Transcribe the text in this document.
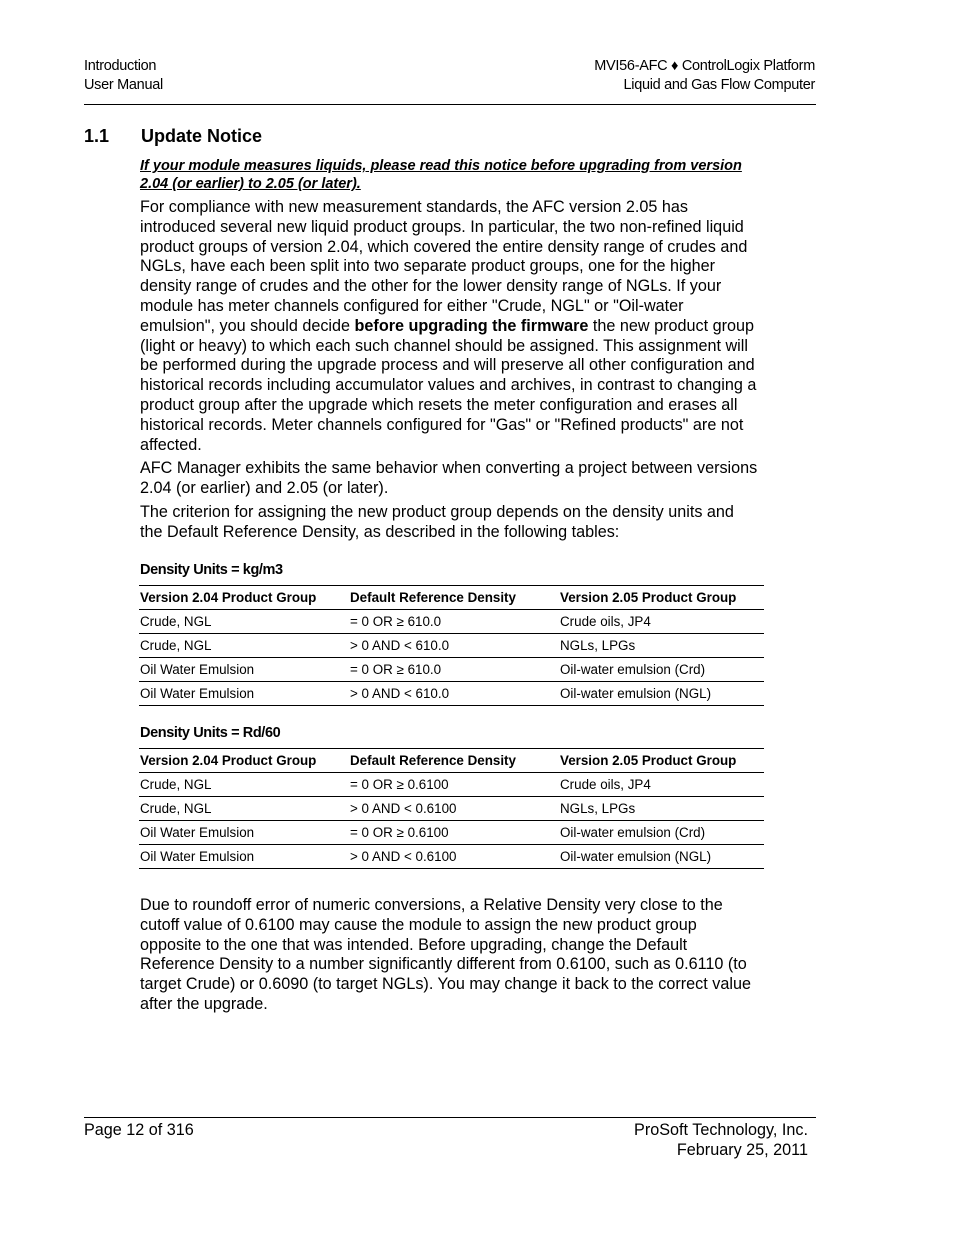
Introduction
User Manual
MVI56-AFC ♦ ControlLogix Platform
Liquid and Gas Flow Computer
1.1 Update Notice
If your module measures liquids, please read this notice before upgrading from version 2.04 (or earlier) to 2.05 (or later).
For compliance with new measurement standards, the AFC version 2.05 has introduced several new liquid product groups. In particular, the two non-refined liquid product groups of version 2.04, which covered the entire density range of crudes and NGLs, have each been split into two separate product groups, one for the higher density range of crudes and the other for the lower density range of NGLs. If your module has meter channels configured for either "Crude, NGL" or "Oil-water emulsion", you should decide before upgrading the firmware the new product group (light or heavy) to which each such channel should be assigned. This assignment will be performed during the upgrade process and will preserve all other configuration and historical records including accumulator values and archives, in contrast to changing a product group after the upgrade which resets the meter configuration and erases all historical records. Meter channels configured for "Gas" or "Refined products" are not affected.
AFC Manager exhibits the same behavior when converting a project between versions 2.04 (or earlier) and 2.05 (or later).
The criterion for assigning the new product group depends on the density units and the Default Reference Density, as described in the following tables:
Density Units = kg/m3
Version 2.04 Product Group	Default Reference Density	Version 2.05 Product Group
Crude, NGL	= 0 OR ≥ 610.0	Crude oils, JP4
Crude, NGL	> 0 AND < 610.0	NGLs, LPGs
Oil Water Emulsion	= 0 OR ≥ 610.0	Oil-water emulsion (Crd)
Oil Water Emulsion	> 0 AND < 610.0	Oil-water emulsion (NGL)
Density Units = Rd/60
Version 2.04 Product Group	Default Reference Density	Version 2.05 Product Group
Crude, NGL	= 0 OR ≥ 0.6100	Crude oils, JP4
Crude, NGL	> 0 AND < 0.6100	NGLs, LPGs
Oil Water Emulsion	= 0 OR ≥ 0.6100	Oil-water emulsion (Crd)
Oil Water Emulsion	> 0 AND < 0.6100	Oil-water emulsion (NGL)
Due to roundoff error of numeric conversions, a Relative Density very close to the cutoff value of 0.6100 may cause the module to assign the new product group opposite to the one that was intended. Before upgrading, change the Default Reference Density to a number significantly different from 0.6100, such as 0.6110 (to target Crude) or 0.6090 (to target NGLs). You may change it back to the correct value after the upgrade.
Page 12 of 316	ProSoft Technology, Inc.
February 25, 2011
